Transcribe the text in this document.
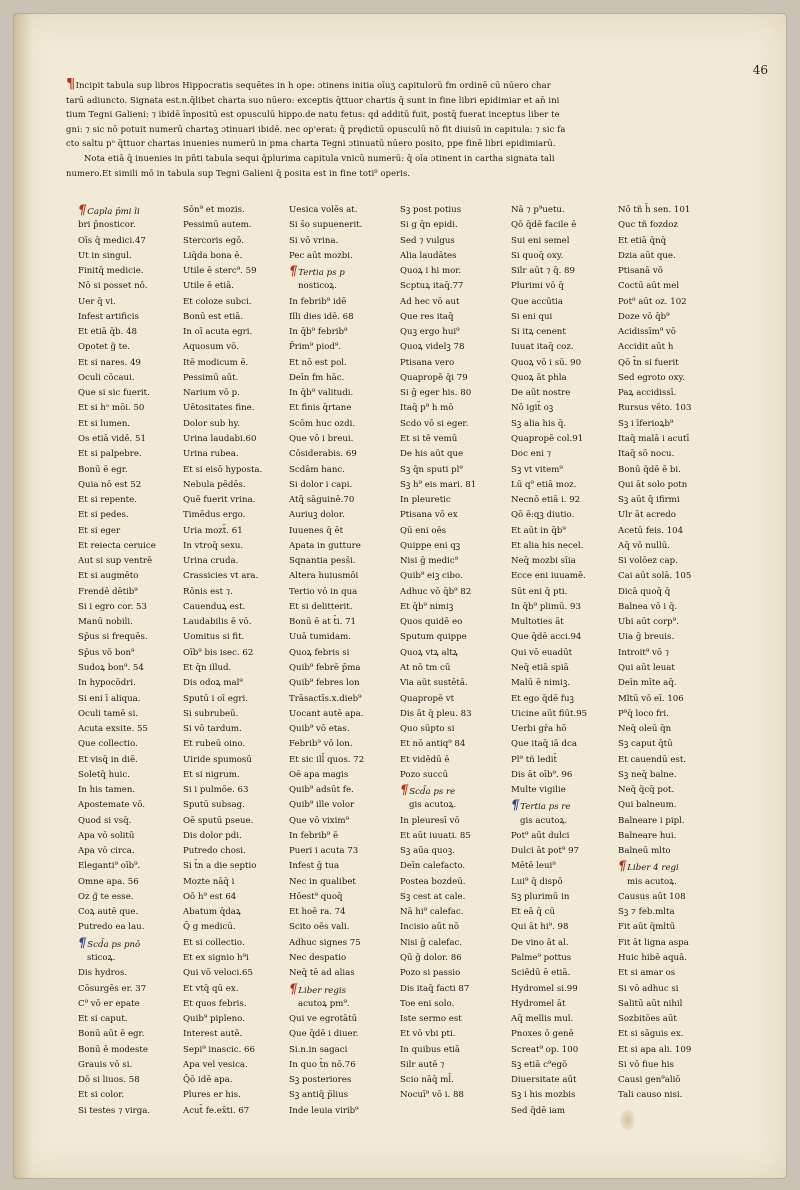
46
¶Incipit tabula sup libros Hippocratis sequētes in h ope: ɔtinens initia oīuʒ capitulorū fm ordinē cū nūero char
tarū adiuncto. Signata est.n.q̄libet charta suo nūero: exceptis q̄ttuor chartis q̄ sunt in fine libri epidimiar et an̄ ini
tium Tegni Galieni: ⁊ ibidē īnpositū est opusculū hippo.de natu fetus: qd additū fuit, postq̄ fuerat inceptus liber te
gni: ⁊ sic nō potuit numerū chartaʒ ɔtinuari ibidē. nec op'erat: q̄ prędictū opusculū nō fit diuisū in capitula: ⁊ sic fa
cto saltu pᵒ q̄ttuor chartas inuenies numerū in pma charta Tegni ɔtinuatū nūero posito, ppe finē libri epidimiarū.
Nota etiā q̄ inuenies in pn̄ti tabula sequi q̄plurima capitula vnicū numerū: q̄ oīa ɔtinent in cartha signata tali
numero.Et simili mō in tabula sup Tegni Galieni q̄ posita est in fine toti⁹ operis.
¶Capla p̄mi li
bri p̄nosticor.
Oīs q̄ medici.47
Ut in singul.
Finitq̄ medicie.
Nō si posset nō.
Uer q̄ vi.
Infest artificis
Et etiā q̄b. 48
Opotet g̃ te.
Et si nares. 49
Oculi cōcaui.
Que si sic fuerit.
Et si hᵒ mōi. 50
Et si lumen.
Os etiā vidē. 51
Et si palpebre.
Bonū ē egr.
Quia nō est 52
Et si repente.
Et si pedes.
Et si eger
Et reiecta ceruice
Aut si sup ventrē
Et si augmēto
Frendē dētib⁹
Si i egro cor. 53
Manū nobili.
Sp̄us si frequēs.
Sp̄us vō bon⁹
Sudoꝝ bon⁹. 54
In hypocōdri.
Si eni ī aliqua.
Oculi tamē si.
Acuta exsite. 55
Que collectio.
Et visq̄ in diē.
Soletq̄ huic.
In his tamen.
Apostemate vō.
Quod si vsq̄.
Apa vō solitū
Apa vō circa.
Eleganti⁹ oīb⁹.
Omne apa. 56
Oz ɡ̃ te esse.
Coꝝ autē que.
Putredo ea lau.
¶Scd̄a ps pnō
sticoꝝ.
Dis hydros.
Cōsurgēs er. 37
C⁹ vō er epate
Et si caput.
Bonū aūt ē egr.
Bonū ē modeste
Grauis vō si.
Dō si liuos. 58
Et si color.
Si testes ⁊ virga.
Sōn⁹ et mozis.
Pessimū autem.
Stercoris egō.
Liq̄da bona ē.
Utile ē sterc⁹. 59
Utile ē etiā.
Et coloze subci.
Bonū est etiā.
In oī acuta egri.
Aquosum vō.
Itē modicum ē.
Pessimū aūt.
Narium vō p.
Uētositates fine.
Dolor sub hy.
Urina laudabi.60
Urina rubea.
Et si eisō hyposta.
Nebula pēdēs.
Quē fuerit vrina.
Timēdus ergo.
Uria mozt̄. 61
In vtroq̄ sexu.
Urina cruda.
Crassicies vt ara.
Rōnis est ⁊.
Cauenduꝝ est.
Laudabilis ē vō.
Uomitus si fit.
Oīb⁹ bis isec. 62
Et q̄n illud.
Dis odoꝝ mal⁹
Sputū i oī egri.
Si subrubeū.
Si vō tardum.
Et rubeū oino.
Uiride spumosū
Et si nigrum.
Si i pulmōe. 63
Sputū subsag.
Oē sputū pseue.
Dis dolor pdi.
Putredo chosi.
Si t̄n a die septio
Mozte nāq̄ i
Oō h⁹ est 64
Abatum q̄daꝝ
Q̄ g medicū.
Et si collectio.
Et ex signio h⁹i
Qui vō veloci.65
Et vtq̄ qū ex.
Et quos febris.
Quib⁹ pipleno.
Interest autē.
Sepi⁹ inascic. 66
Apa vel vesica.
Q̄ō idē apa.
Plures er his.
Acut̄ fe.ex̄ti. 67
Uesica volēs at.
Si s̄o supuenerit.
Si vō vrina.
Pec aūt mozbi.
¶Tertia ps p
nosticoꝝ.
In febrib⁹ idē
Illi dies idē. 68
In q̄b⁹ febrib⁹
P̄rim⁹ piod⁹.
Et nō est pol.
Deīn fm hāc.
In q̄b⁹ valitudi.
Et finis q̄rtane
Scōm huc ozdi.
Que vō i breui.
Cōsiderabis. 69
Scdām hanc.
Si dolor i capi.
Atq̄ sāguinē.70
Auriuꝫ dolor.
Iuuenes q̄ ēt
Apata in gutture
Sqnantia pess̄i.
Altera huiusmōi
Tertio vō in qua
Et si delitterit.
Bonū ē at t̄i. 71
Uuā tumidam.
Quoꝝ febris si
Quib⁹ febrē p̄ma
Quib⁹ febres lon
Trāsactīs.x.dieb⁹
Uocant autē apa.
Quib⁹ vō etas.
Febrib⁹ vō lon.
Et sic ill̄ quos. 72
Oē apa magis
Quib⁹ adsūt fe.
Quib⁹ ille volor
Que vō vixim⁹
In febrib⁹ ē
Pueri i acuta 73
Infest ḡ tua
Nec in qualibet
Hōest⁹ quoq̄
Et hoē ra. 74
Scito oēs vali.
Adhuc signes 75
Nec despatio
Neq̄ tē ad alias
¶Liber regis
acutoꝝ pm⁹.
Qui ve egrotātū
Que q̄dē i diuer.
Si.n.in sagaci
In quo t̄n nō.76
Sꝫ posteriores
Sꝫ antiq̄ p̄lius
Inde leuia virib⁹
Sꝫ post potius
Si g q̄n epidi.
Sed ⁊ vulgus
Alia laudātes
Quoꝝ i hi mor.
Scptuꝝ itaq̄.77
Ad hec vō aut
Que res itaq̄
Quꝫ ergo hui⁹
Quoꝝ videlꝫ 78
Ptisana vero
Quapropē q̄i 79
Si ḡ eger his. 80
Itaq̄ p⁹ h mō
Scdo vō si eger.
Et si tē vemū
De his aūt que
Sꝫ q̄n sputi pl⁹
Sꝫ h⁹ eis mari. 81
In pleuretic
Ptisana vō ex
Qū eni oēs
Quippe eni qꝫ
Nisi ḡ medic⁹
Quib⁹ eiꝫ cibo.
Adhuc vō q̄b⁹ 82
Et q̄b⁹ nimiꝫ
Quos quidē eo
Sputum quippe
Quoꝝ vtꝝ altꝝ
At nō tm cū
Via aūt sustētā.
Quapropē vt
Dis āt q̄ pleu. 83
Quo sūpto si
Et nō antiq⁹ 84
Et vidēdū ē
Pozo succū
¶Scd̄a ps re
gis acutoꝝ.
In pleuresī vō
Et aūt iuuati. 85
Sꝫ aūa quoꝫ.
Deīn calefacto.
Postea bozdeū.
Sꝫ cest at cale.
Nā hi⁹ calefac.
Incisio aūt nō
Nisi ḡ calefac.
Qū ḡ dolor. 86
Pozo si passio
Dis itaq̄ facti 87
Toe eni solo.
Iste sermo est
Et vō vbi pti.
In quibus etiā
Silr autē ⁊
Scio nāq̄ ml̄.
Nocuī⁹ vō i. 88
Nā ⁊ p⁹uetu.
Qō q̄dē facile ē
Sui eni semel
Si quoq̄ oxy.
Silr aūt ⁊ q̄. 89
Plurimi vō q̄
Que accūtia
Si eni qui
Si itꝝ cenent
Iuuat itaq̄ coz.
Quoꝝ vō i sū. 90
Quoꝝ āt phla
De aūt nostre
Nō igit̄ oꝫ
Sꝫ alia his q̄.
Quapropē col.91
Doc eni ⁊
Sꝫ vt vitem⁹
Lū q⁹ etiā moz.
Necnō etiā i. 92
Qō ē:qꝫ diutio.
Et aūt in q̄b⁹
Et alia his necel.
Neq̄ mozbi sīia
Ecce eni iuuamē.
Sūt eni q̄ pti.
In q̄b⁹ plimū. 93
Multoties āt
Que q̄dē acci.94
Qui vō euadūt
Neq̄ etiā spiā
Malū ē nimiꝫ.
Et ego q̄dē fuꝫ
Uicine aūt fiūt.95
Uerbi gr̄a hō
Que itaq̄ iā dca
Pl⁹ tñ ledit̄
Dis āt oīb⁹. 96
Multe vigilie
¶Tertia ps re
gis acutoꝝ.
Pot⁹ aūt dulci
Dulci āt pot⁹ 97
Mētē leui⁹
Lui⁹ q̄ dispō
Sꝫ plurimū in
Et eā q̄ cū
Qui āt hi⁹. 98
De vino āt al.
Palme⁹ pottus
Sciēdū ē etiā.
Hydromel si.99
Hydromel āt
Aq̄ mellis mul.
Pnoxes ō genē
Screat⁹ op. 100
Sꝫ etiā c⁹egō
Diuersitate aūt
Sꝫ i his mozbis
Sed q̄dē iam
Nō tñ h̄ sen. 101
Quc tñ fozdoz
Et etiā q̄nq̄
Dzia aūt que.
Ptisanā vō
Coctū aūt mel
Pot⁹ aūt oz. 102
Doze vō q̄b⁹
Acidissīm⁹ vō
Accidit aūt h
Qō t̄n si fuerit
Sed egroto oxy.
Paꝝ accidissī.
Rursus vēto. 103
Sꝫ i īferioꝝb⁹
Itaq̄ malā i acutī
Itaq̄ sō nocu.
Bonū q̄dē ē bi.
Qui āt solo potn
Sꝫ aūt q̄ ifirmi
Ulr āt acredo
Acetū feis. 104
Aq̄ vō nullū.
Si volōez cap.
Cai aūt solā. 105
Dicā quoq̄ q̄
Balnea vō i q̄.
Ubi aūt corp⁹.
Uia ḡ breuis.
Introit⁹ vō ⁊
Qui aūt leuat
Deīn mīte aq̄.
Mltū vō eī. 106
P⁹q̄ loco fri.
Neq̄ oleū q̄n
Sꝫ caput q̄tū
Et cauendū est.
Sꝫ neq̄ balne.
Neq̄ q̄cq̄ pot.
Qui balneum.
Balneare i pipl.
Balneare hui.
Balneū mlto
¶Liber 4 regi
mis acutoꝝ.
Causus aūt 108
Sꝫ ⁊ feb.mlta
Fit aūt q̄mltū
Fit āt ligna aspa
Huic hibē aquā.
Et si amar os
Si vō adhuc si
Salitū aūt nihil
Sozbitōes aūt
Et si sāguis ex.
Et si apa ali. 109
Si vō fiue his
Causi gen⁹aliō
Tali causo nisi.
